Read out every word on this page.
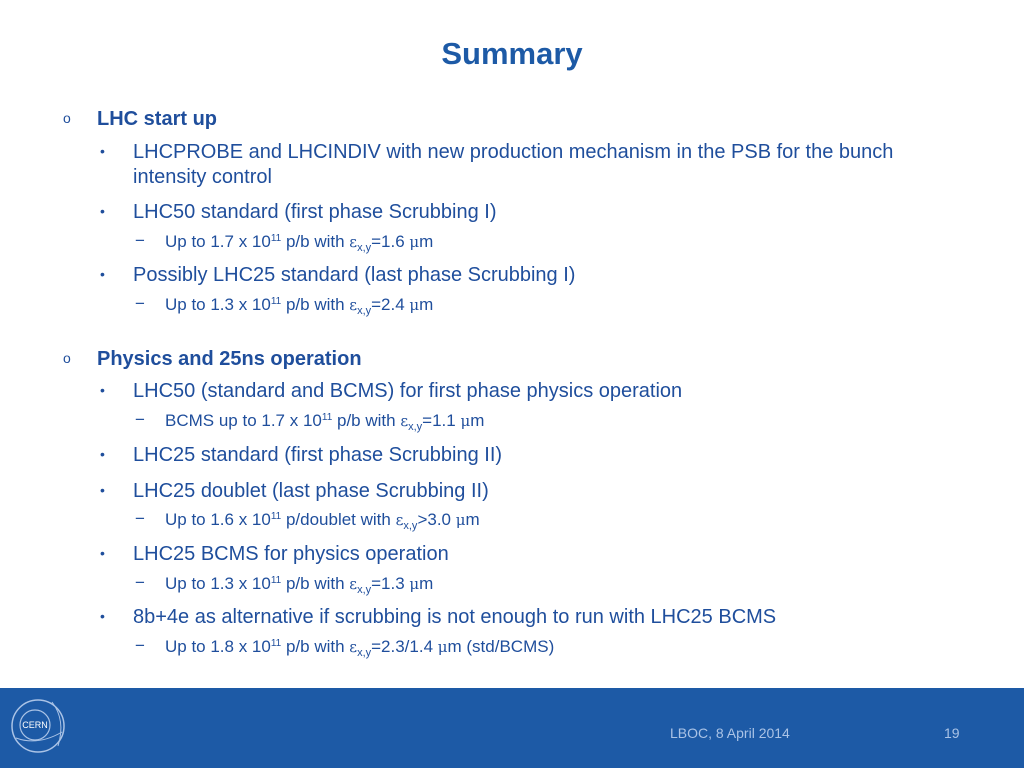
Summary
o LHC start up
• LHCPROBE and LHCINDIV with new production mechanism in the PSB for the bunch intensity control
• LHC50 standard (first phase Scrubbing I)
− Up to 1.7 x $10^{11}$ p/b with $\varepsilon_{x,y}=1.6$ μm
• Possibly LHC25 standard (last phase Scrubbing I)
− Up to 1.3 x $10^{11}$ p/b with $\varepsilon_{x,y}=2.4$ μm
o Physics and 25ns operation
• LHC50 (standard and BCMS) for first phase physics operation
− BCMS up to 1.7 x $10^{11}$ p/b with $\varepsilon_{x,y}=1.1$ μm
• LHC25 standard (first phase Scrubbing II)
• LHC25 doublet (last phase Scrubbing II)
− Up to 1.6 x $10^{11}$ p/doublet with $\varepsilon_{x,y}>3.0$ μm
• LHC25 BCMS for physics operation
− Up to 1.3 x $10^{11}$ p/b with $\varepsilon_{x,y}=1.3$ μm
• 8b+4e as alternative if scrubbing is not enough to run with LHC25 BCMS
− Up to 1.8 x $10^{11}$ p/b with $\varepsilon_{x,y}=2.3/1.4$ μm (std/BCMS)
CERN	LBOC, 8 April 2014	19
